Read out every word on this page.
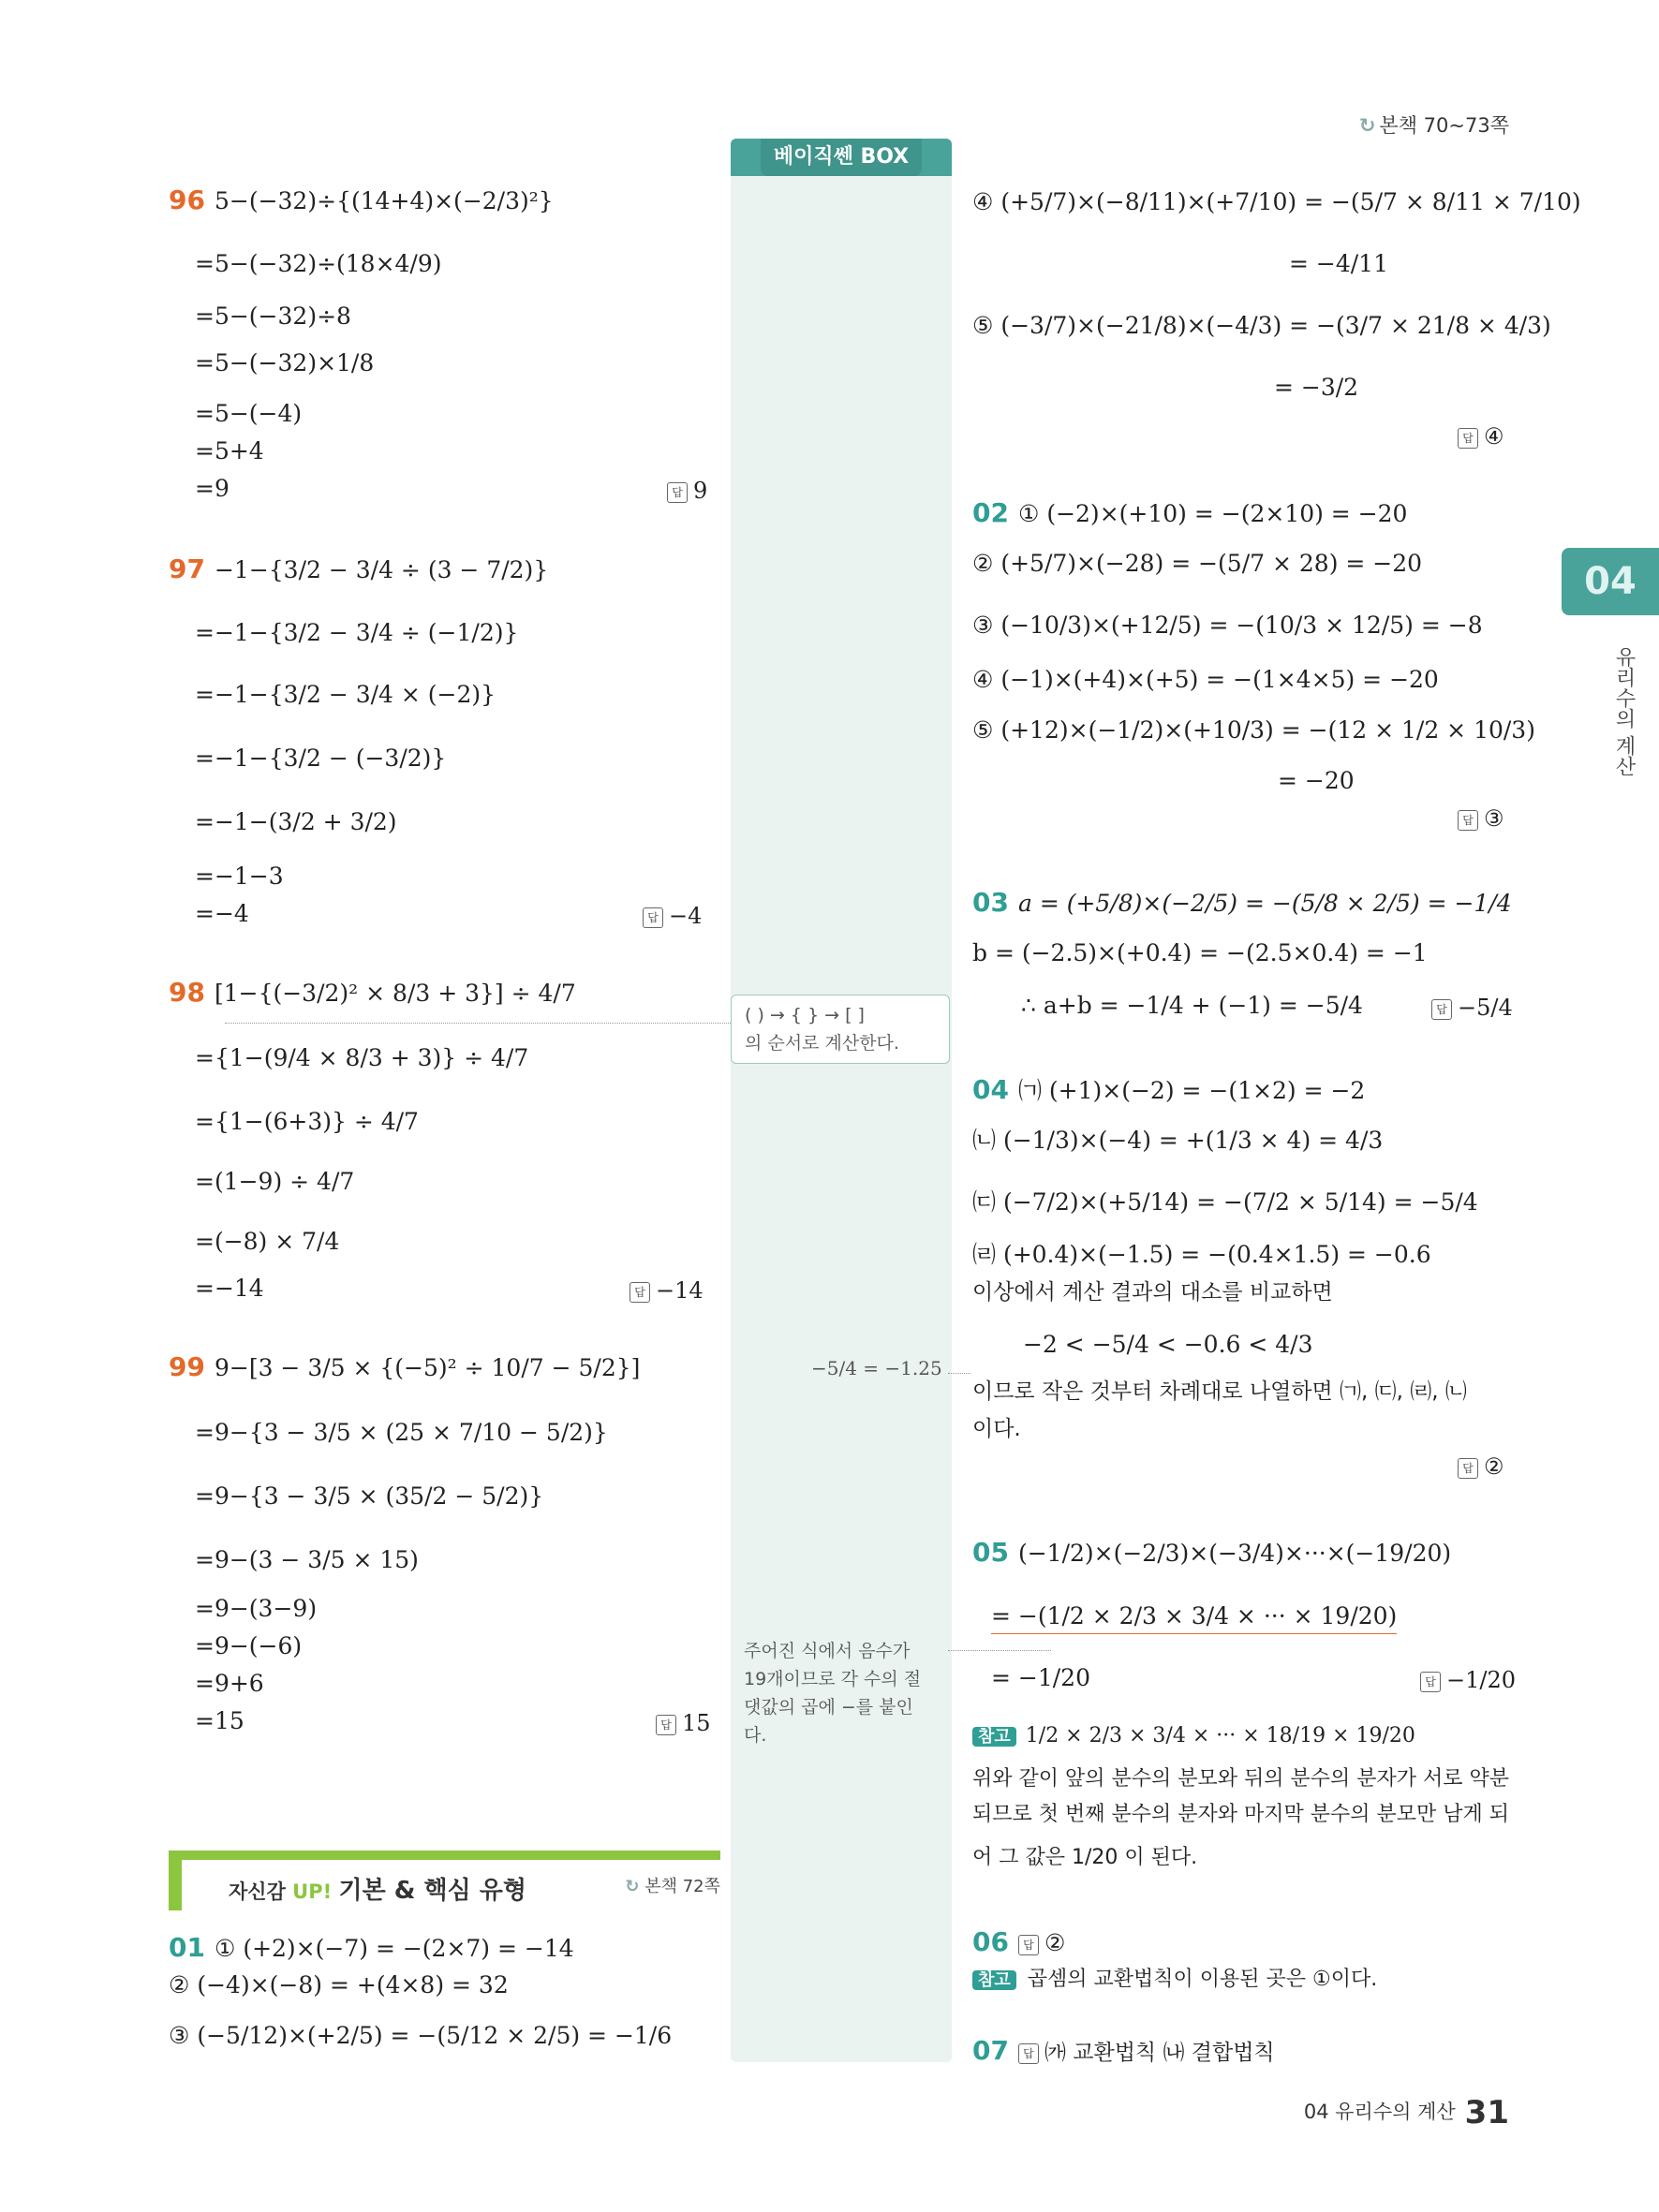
↻ 본책 70~73쪽
베이직쎈 BOX
( ) → { } → [ ]
의 순서로 계산한다.
−5/4 = −1.25
주어진 식에서 음수가
19개이므로 각 수의 절
댓값의 곱에 −를 붙인
다.
04
유리수의 계산
96 5−(−32)÷{(14+4)×(−2/3)²}
=5−(−32)÷(18×4/9)
=5−(−32)÷8
=5−(−32)×1/8
=5−(−4)
=5+4
=9	답 9
97 −1−{3/2 − 3/4 ÷ (3 − 7/2)}
=−1−{3/2 − 3/4 ÷ (−1/2)}
=−1−{3/2 − 3/4 × (−2)}
=−1−{3/2 − (−3/2)}
=−1−(3/2 + 3/2)
=−1−3
=−4	답 −4
98 [1−{(−3/2)² × 8/3 + 3}] ÷ 4/7
={1−(9/4 × 8/3 + 3)} ÷ 4/7
={1−(6+3)} ÷ 4/7
=(1−9) ÷ 4/7
=(−8) × 7/4
=−14	답 −14
99 9−[3 − 3/5 × {(−5)² ÷ 10/7 − 5/2}]
=9−{3 − 3/5 × (25 × 7/10 − 5/2)}
=9−{3 − 3/5 × (35/2 − 5/2)}
=9−(3 − 3/5 × 15)
=9−(3−9)
=9−(−6)
=9+6
=15	답 15
자신감 UP! 기본 & 핵심 유형	↻ 본책 72쪽
01 ① (+2)×(−7) = −(2×7) = −14
② (−4)×(−8) = +(4×8) = 32
③ (−5/12)×(+2/5) = −(5/12 × 2/5) = −1/6
④ (+5/7)×(−8/11)×(+7/10) = −(5/7 × 8/11 × 7/10)
= −4/11
⑤ (−3/7)×(−21/8)×(−4/3) = −(3/7 × 21/8 × 4/3)
= −3/2
답 ④
02 ① (−2)×(+10) = −(2×10) = −20
② (+5/7)×(−28) = −(5/7 × 28) = −20
③ (−10/3)×(+12/5) = −(10/3 × 12/5) = −8
④ (−1)×(+4)×(+5) = −(1×4×5) = −20
⑤ (+12)×(−1/2)×(+10/3) = −(12 × 1/2 × 10/3)
= −20
답 ③
03 a = (+5/8)×(−2/5) = −(5/8 × 2/5) = −1/4
b = (−2.5)×(+0.4) = −(2.5×0.4) = −1
∴ a+b = −1/4 + (−1) = −5/4	답 −5/4
04 ㈀ (+1)×(−2) = −(1×2) = −2
㈁ (−1/3)×(−4) = +(1/3 × 4) = 4/3
㈂ (−7/2)×(+5/14) = −(7/2 × 5/14) = −5/4
㈃ (+0.4)×(−1.5) = −(0.4×1.5) = −0.6
이상에서 계산 결과의 대소를 비교하면
−2 < −5/4 < −0.6 < 4/3
이므로 작은 것부터 차례대로 나열하면 ㈀, ㈂, ㈃, ㈁
이다.
답 ②
05 (−1/2)×(−2/3)×(−3/4)×···×(−19/20)
= −(1/2 × 2/3 × 3/4 × ··· × 19/20)
= −1/20	답 −1/20
참고 1/2 × 2/3 × 3/4 × ··· × 18/19 × 19/20
위와 같이 앞의 분수의 분모와 뒤의 분수의 분자가 서로 약분
되므로 첫 번째 분수의 분자와 마지막 분수의 분모만 남게 되
어 그 값은 1/20 이 된다.
06 답 ②
참고 곱셈의 교환법칙이 이용된 곳은 ①이다.
07 답 ㈎ 교환법칙 ㈏ 결합법칙
04 유리수의 계산 31
